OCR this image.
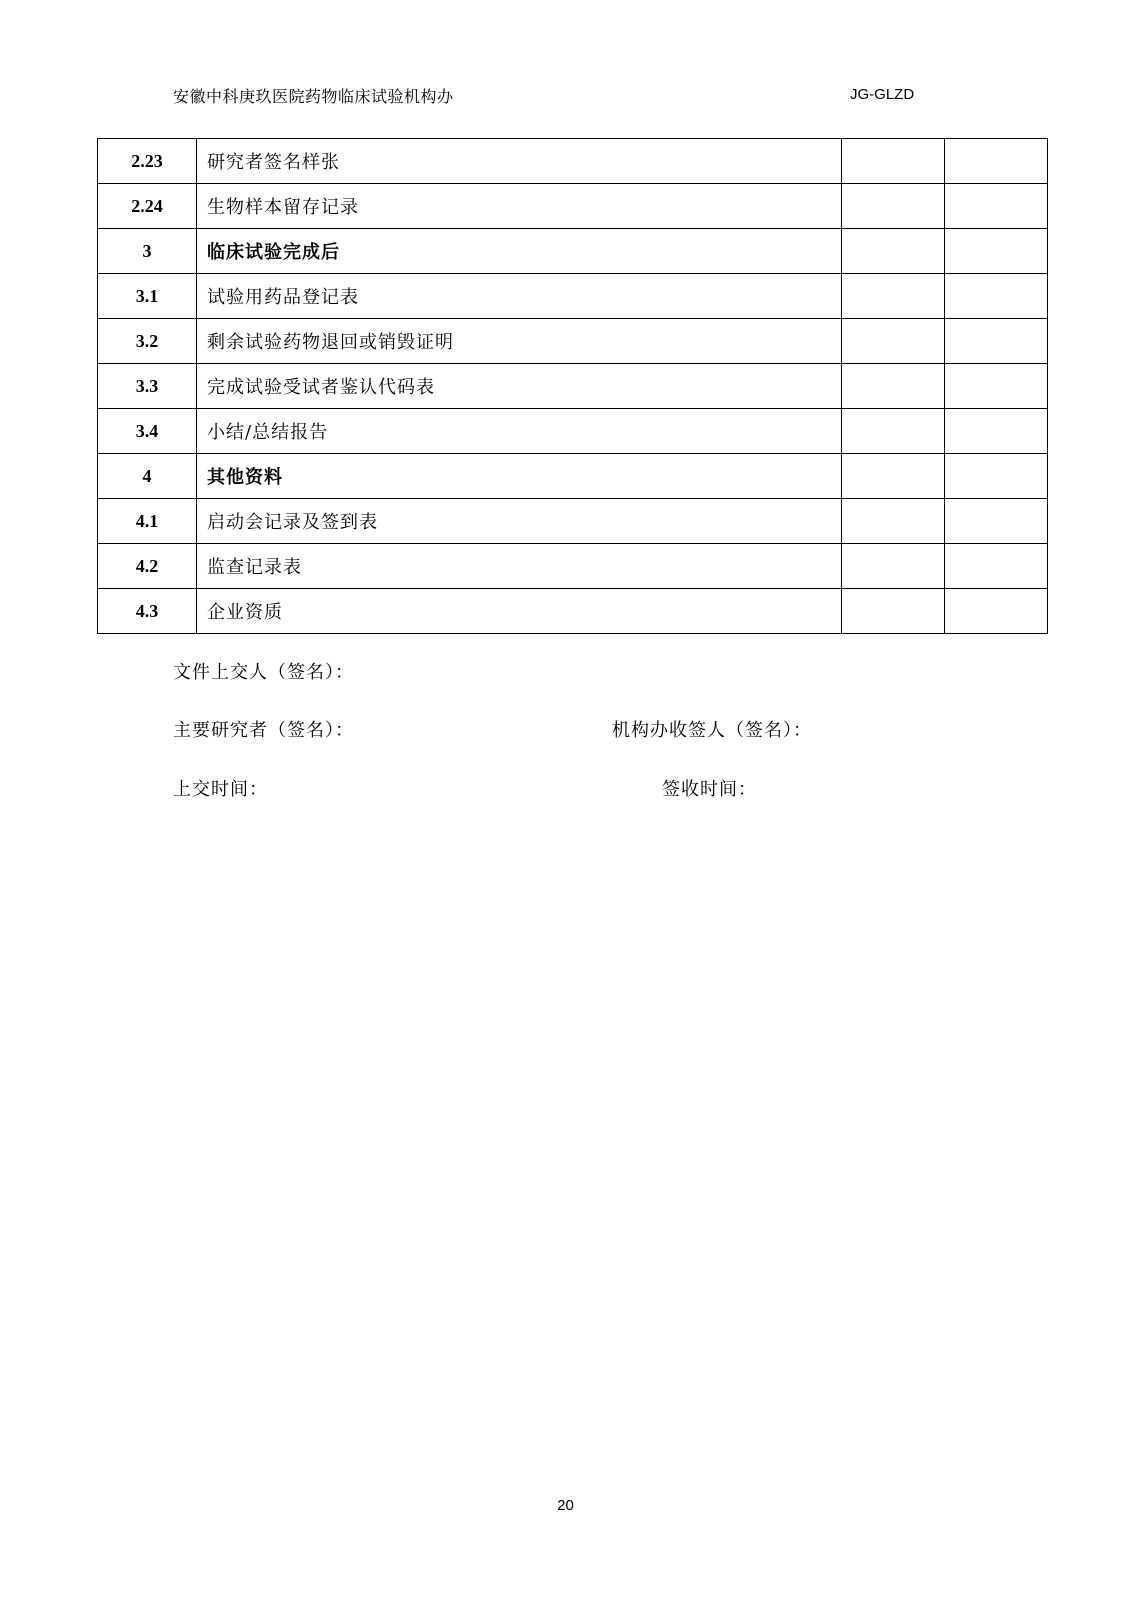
安徽中科庚玖医院药物临床试验机构办	JG-GLZD
2.23	研究者签名样张		
2.24	生物样本留存记录		
3	临床试验完成后		
3.1	试验用药品登记表		
3.2	剩余试验药物退回或销毁证明		
3.3	完成试验受试者鉴认代码表		
3.4	小结/总结报告		
4	其他资料		
4.1	启动会记录及签到表		
4.2	监查记录表		
4.3	企业资质		
文件上交人（签名）：
主要研究者（签名）：	机构办收签人（签名）：
上交时间：	签收时间：
20
